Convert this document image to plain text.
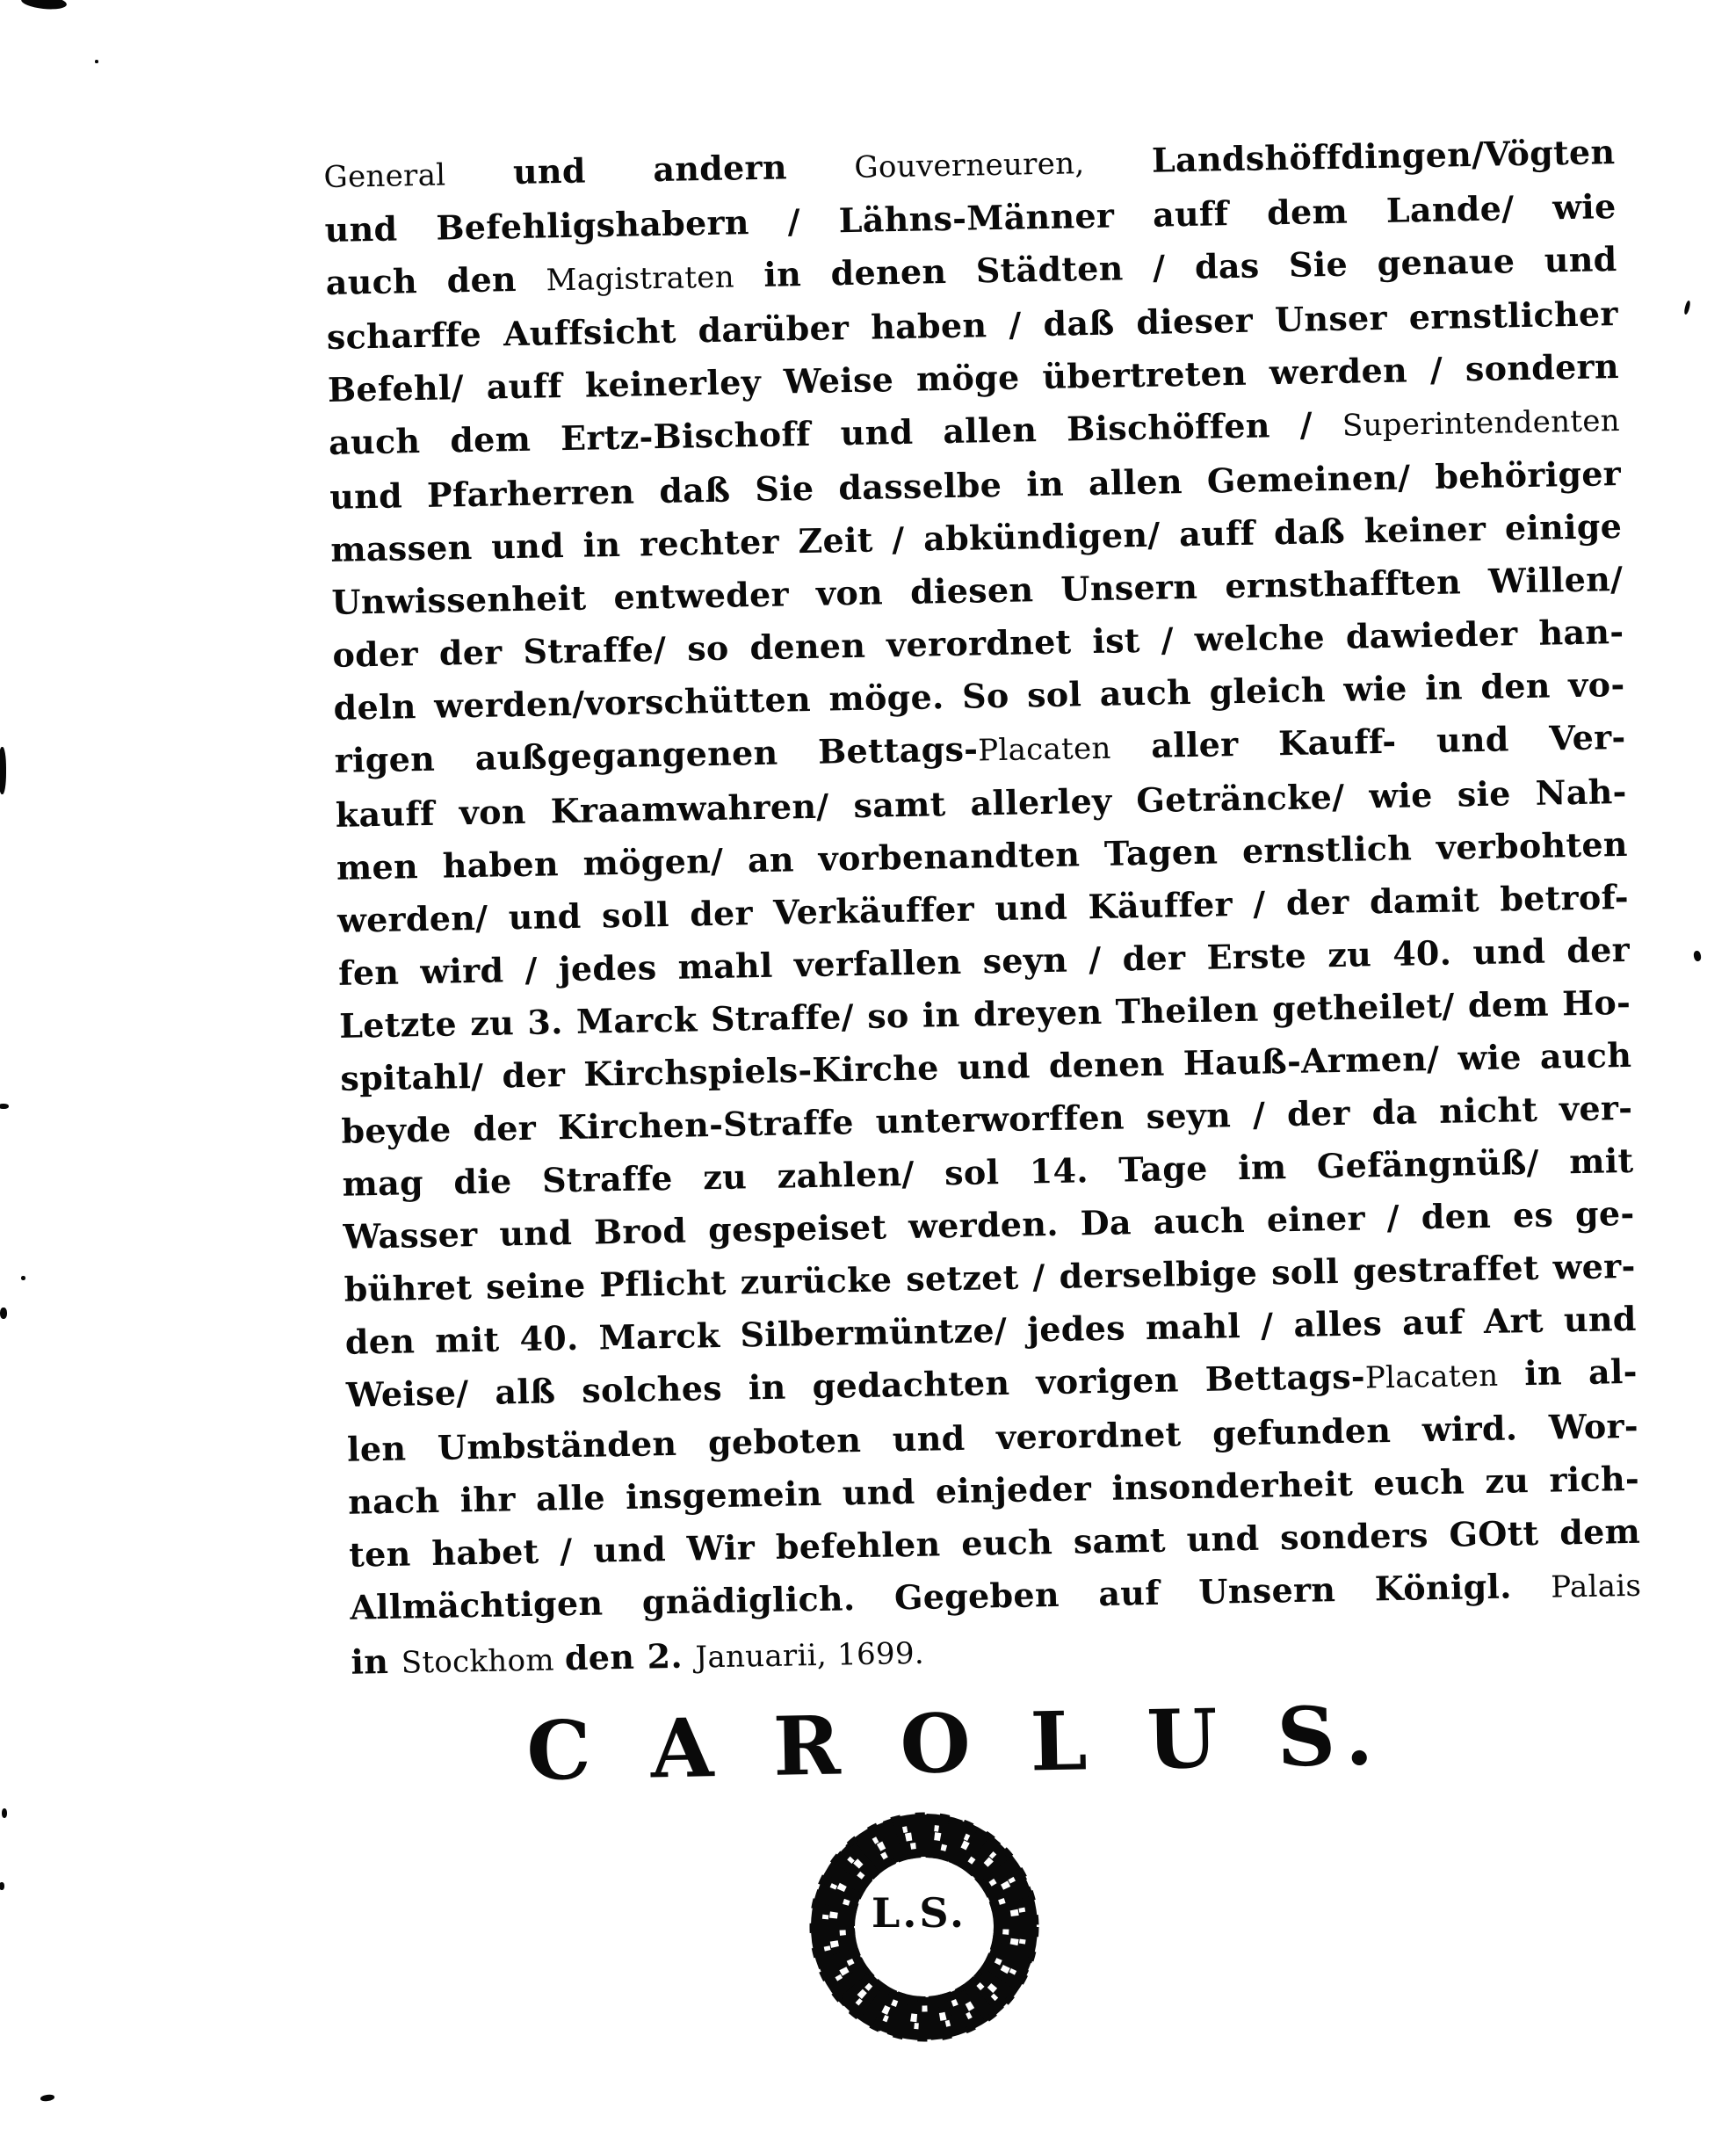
General und andern Gouverneuren, Landshöffdingen/Vögten
und Befehligshabern / Lähns-Männer auff dem Lande/ wie
auch den Magistraten in denen Städten / das Sie genaue und
scharffe Auffsicht darüber haben / daß dieser Unser ernstlicher
Befehl/ auff keinerley Weise möge übertreten werden / sondern
auch dem Ertz-Bischoff und allen Bischöffen / Superintendenten
und Pfarherren daß Sie dasselbe in allen Gemeinen/ behöriger
massen und in rechter Zeit / abkündigen/ auff daß keiner einige
Unwissenheit entweder von diesen Unsern ernsthafften Willen/
oder der Straffe/ so denen verordnet ist / welche dawieder han-
deln werden/vorschütten möge. So sol auch gleich wie in den vo-
rigen außgegangenen Bettags-Placaten aller Kauff- und Ver-
kauff von Kraamwahren/ samt allerley Geträncke/ wie sie Nah-
men haben mögen/ an vorbenandten Tagen ernstlich verbohten
werden/ und soll der Verkäuffer und Käuffer / der damit betrof-
fen wird / jedes mahl verfallen seyn / der Erste zu 40. und der
Letzte zu 3. Marck Straffe/ so in dreyen Theilen getheilet/ dem Ho-
spitahl/ der Kirchspiels-Kirche und denen Hauß-Armen/ wie auch
beyde der Kirchen-Straffe unterworffen seyn / der da nicht ver-
mag die Straffe zu zahlen/ sol 14. Tage im Gefängnüß/ mit
Wasser und Brod gespeiset werden. Da auch einer / den es ge-
bühret seine Pflicht zurücke setzet / derselbige soll gestraffet wer-
den mit 40. Marck Silbermüntze/ jedes mahl / alles auf Art und
Weise/ alß solches in gedachten vorigen Bettags-Placaten in al-
len Umbständen geboten und verordnet gefunden wird. Wor-
nach ihr alle insgemein und einjeder insonderheit euch zu rich-
ten habet / und Wir befehlen euch samt und sonders GOtt dem
Allmächtigen gnädiglich. Gegeben auf Unsern Königl. Palais
in Stockhom den 2. Januarii, 1699.
C A R O L U S.
L.S.
